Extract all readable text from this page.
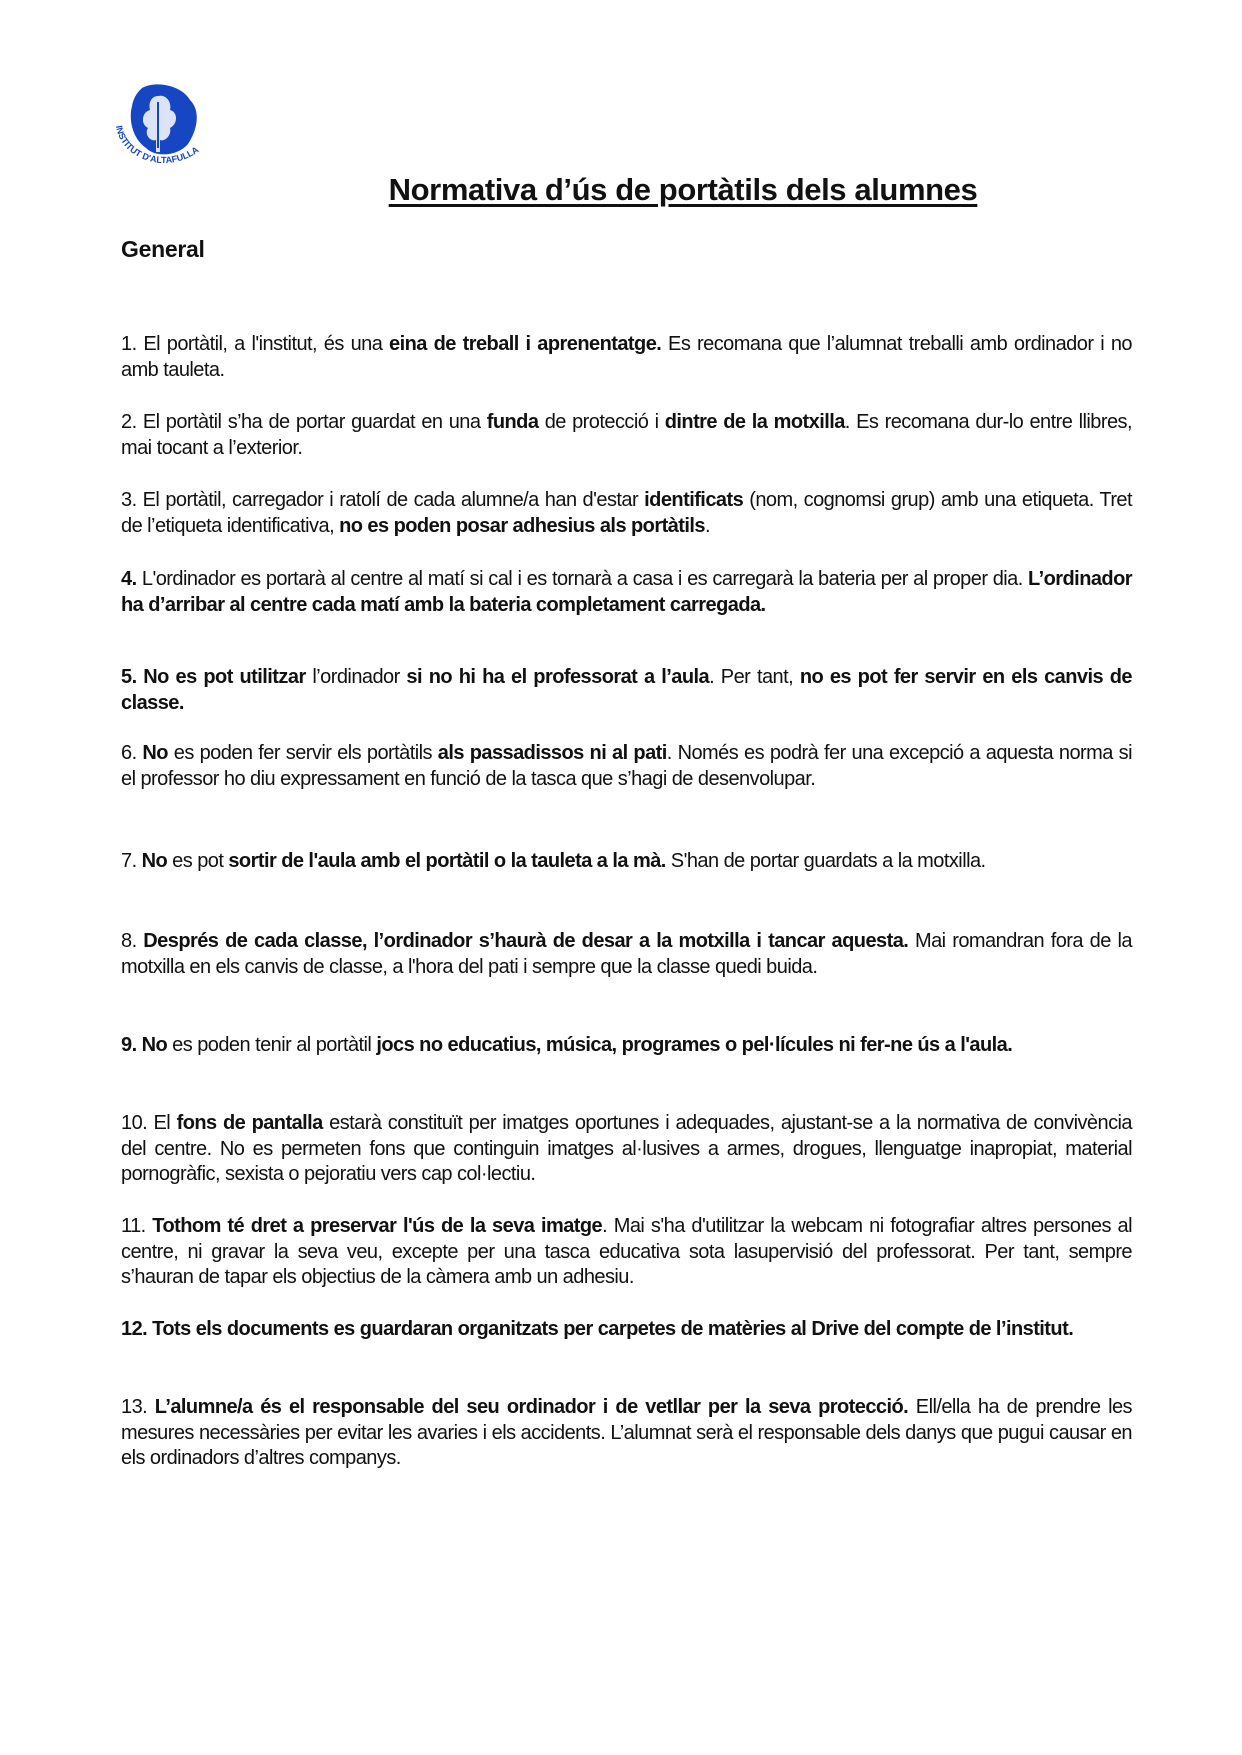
INSTITUT D'ALTAFULLA
Normativa d’ús de portàtils dels alumnes
General
1. El portàtil, a l'institut, és una eina de treball i aprenentatge. Es recomana que l’alumnat treballi amb ordinador i no amb tauleta.
2. El portàtil s’ha de portar guardat en una funda de protecció i dintre de la motxilla. Es recomana dur-lo entre llibres, mai tocant a l’exterior.
3. El portàtil, carregador i ratolí de cada alumne/a han d'estar identificats (nom, cognomsi grup) amb una etiqueta. Tret de l’etiqueta identificativa, no es poden posar adhesius als portàtils.
4. L'ordinador es portarà al centre al matí si cal i es tornarà a casa i es carregarà la bateria per al proper dia. L’ordinador ha d’arribar al centre cada matí amb la bateria completament carregada.
5. No es pot utilitzar l’ordinador si no hi ha el professorat a l’aula. Per tant, no es pot fer servir en els canvis de classe.
6. No es poden fer servir els portàtils als passadissos ni al pati. Només es podrà fer una excepció a aquesta norma si el professor ho diu expressament en funció de la tasca que s’hagi de desenvolupar.
7. No es pot sortir de l'aula amb el portàtil o la tauleta a la mà. S'han de portar guardats a la motxilla.
8. Després de cada classe, l’ordinador s’haurà de desar a la motxilla i tancar aquesta. Mai romandran fora de la motxilla en els canvis de classe, a l'hora del pati i sempre que la classe quedi buida.
9. No es poden tenir al portàtil jocs no educatius, música, programes o pel·lícules ni fer-ne ús a l'aula.
10. El fons de pantalla estarà constituït per imatges oportunes i adequades, ajustant-se a la normativa de convivència del centre. No es permeten fons que continguin imatges al·lusives a armes, drogues, llenguatge inapropiat, material pornogràfic, sexista o pejoratiu vers cap col·lectiu.
11. Tothom té dret a preservar l'ús de la seva imatge. Mai s'ha d'utilitzar la webcam ni fotografiar altres persones al centre, ni gravar la seva veu, excepte per una tasca educativa sota lasupervisió del professorat. Per tant, sempre s’hauran de tapar els objectius de la càmera amb un adhesiu.
12. Tots els documents es guardaran organitzats per carpetes de matèries al Drive del compte de l’institut.
13. L’alumne/a és el responsable del seu ordinador i de vetllar per la seva protecció. Ell/ella ha de prendre les mesures necessàries per evitar les avaries i els accidents. L’alumnat serà el responsable dels danys que pugui causar en els ordinadors d’altres companys.
